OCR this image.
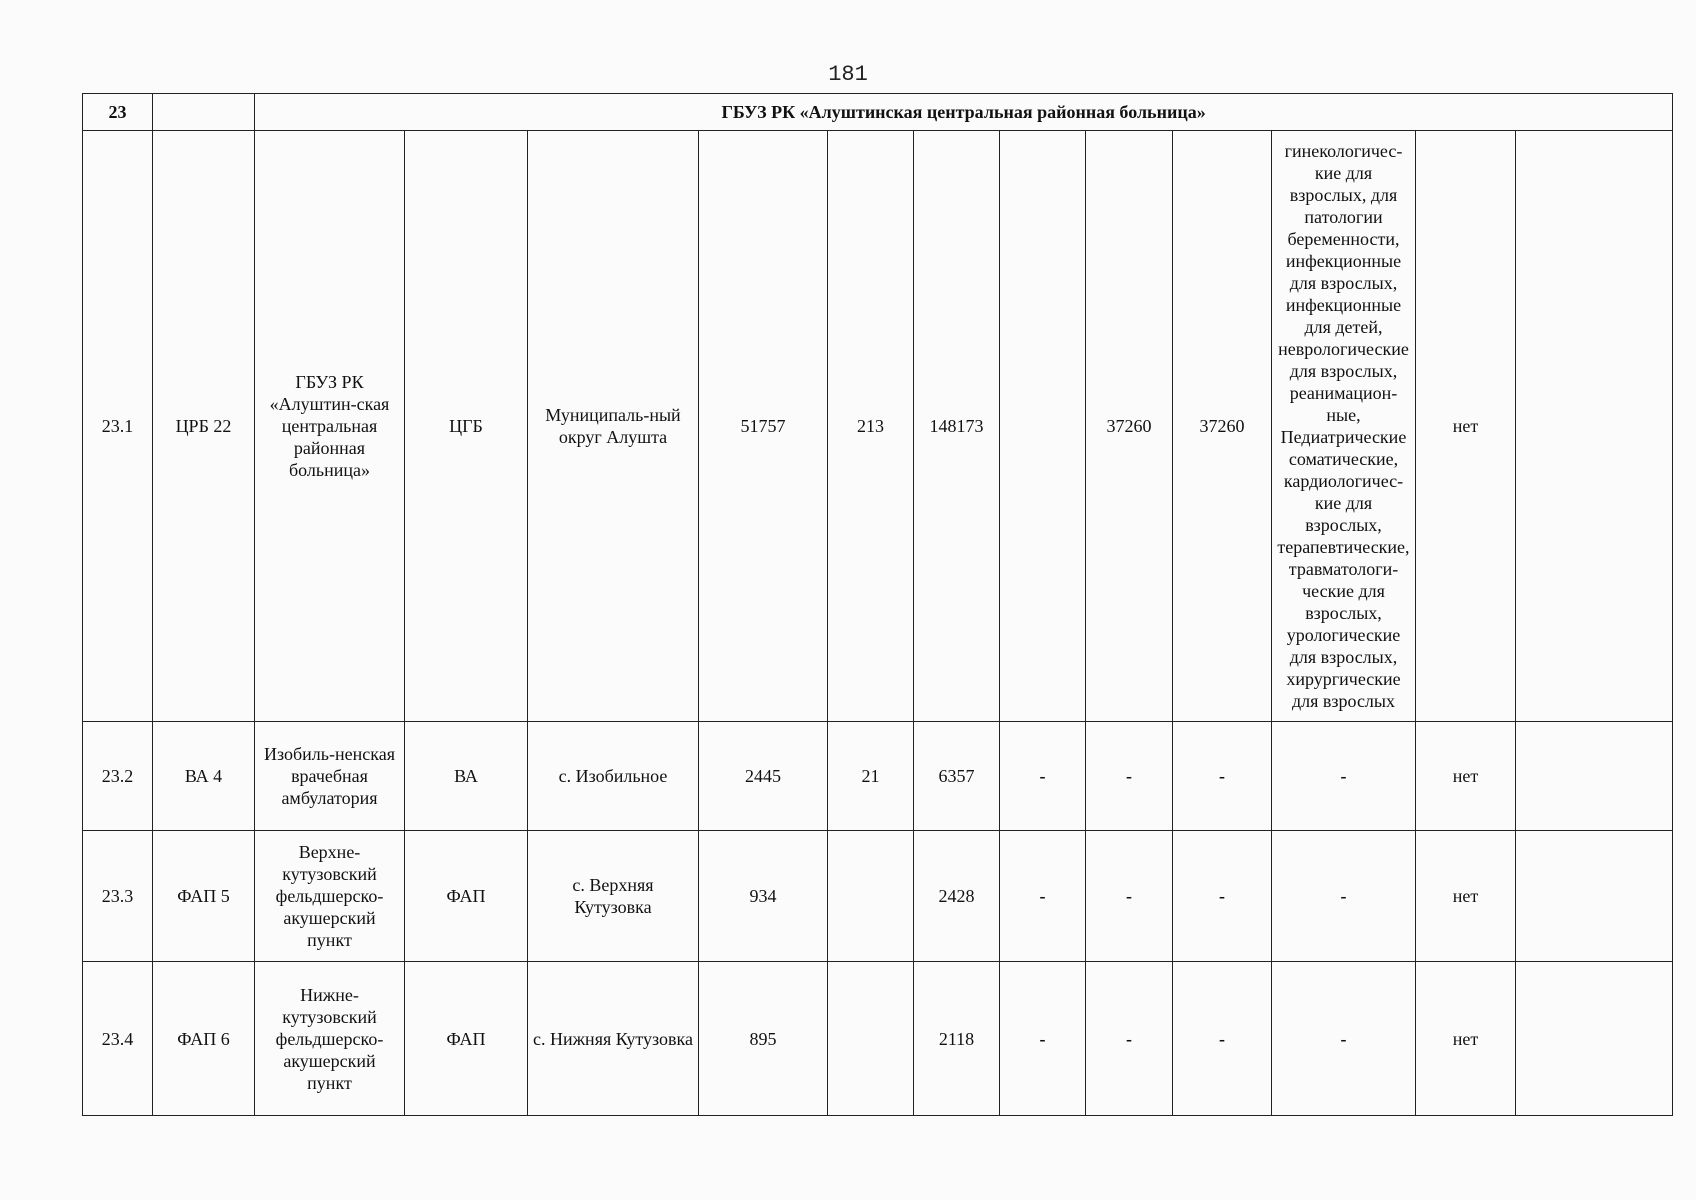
181
23		ГБУЗ РК «Алуштинская центральная районная больница»											
23.1	ЦРБ 22	ГБУЗ РК «Алуштин-ская центральная районная больница»	ЦГБ	Муниципаль-ный округ Алушта	51757	213	148173		37260	37260	гинекологичес-кие для взрослых, для патологии беременности, инфекционные для взрослых, инфекционные для детей, неврологические для взрослых, реанимацион-ные, Педиатрические соматические, кардиологичес-кие для взрослых, терапевтические, травматологи-ческие для взрослых, урологические для взрослых, хирургические для взрослых	нет	
23.2	ВА 4	Изобиль-ненская врачебная амбулатория	ВА	с. Изобильное	2445	21	6357	-	-	-	-	нет	
23.3	ФАП 5	Верхне-кутузовский фельдшерско-акушерский пункт	ФАП	с. Верхняя Кутузовка	934		2428	-	-	-	-	нет	
23.4	ФАП 6	Нижне-кутузовский фельдшерско-акушерский пункт	ФАП	с. Нижняя Кутузовка	895		2118	-	-	-	-	нет	
